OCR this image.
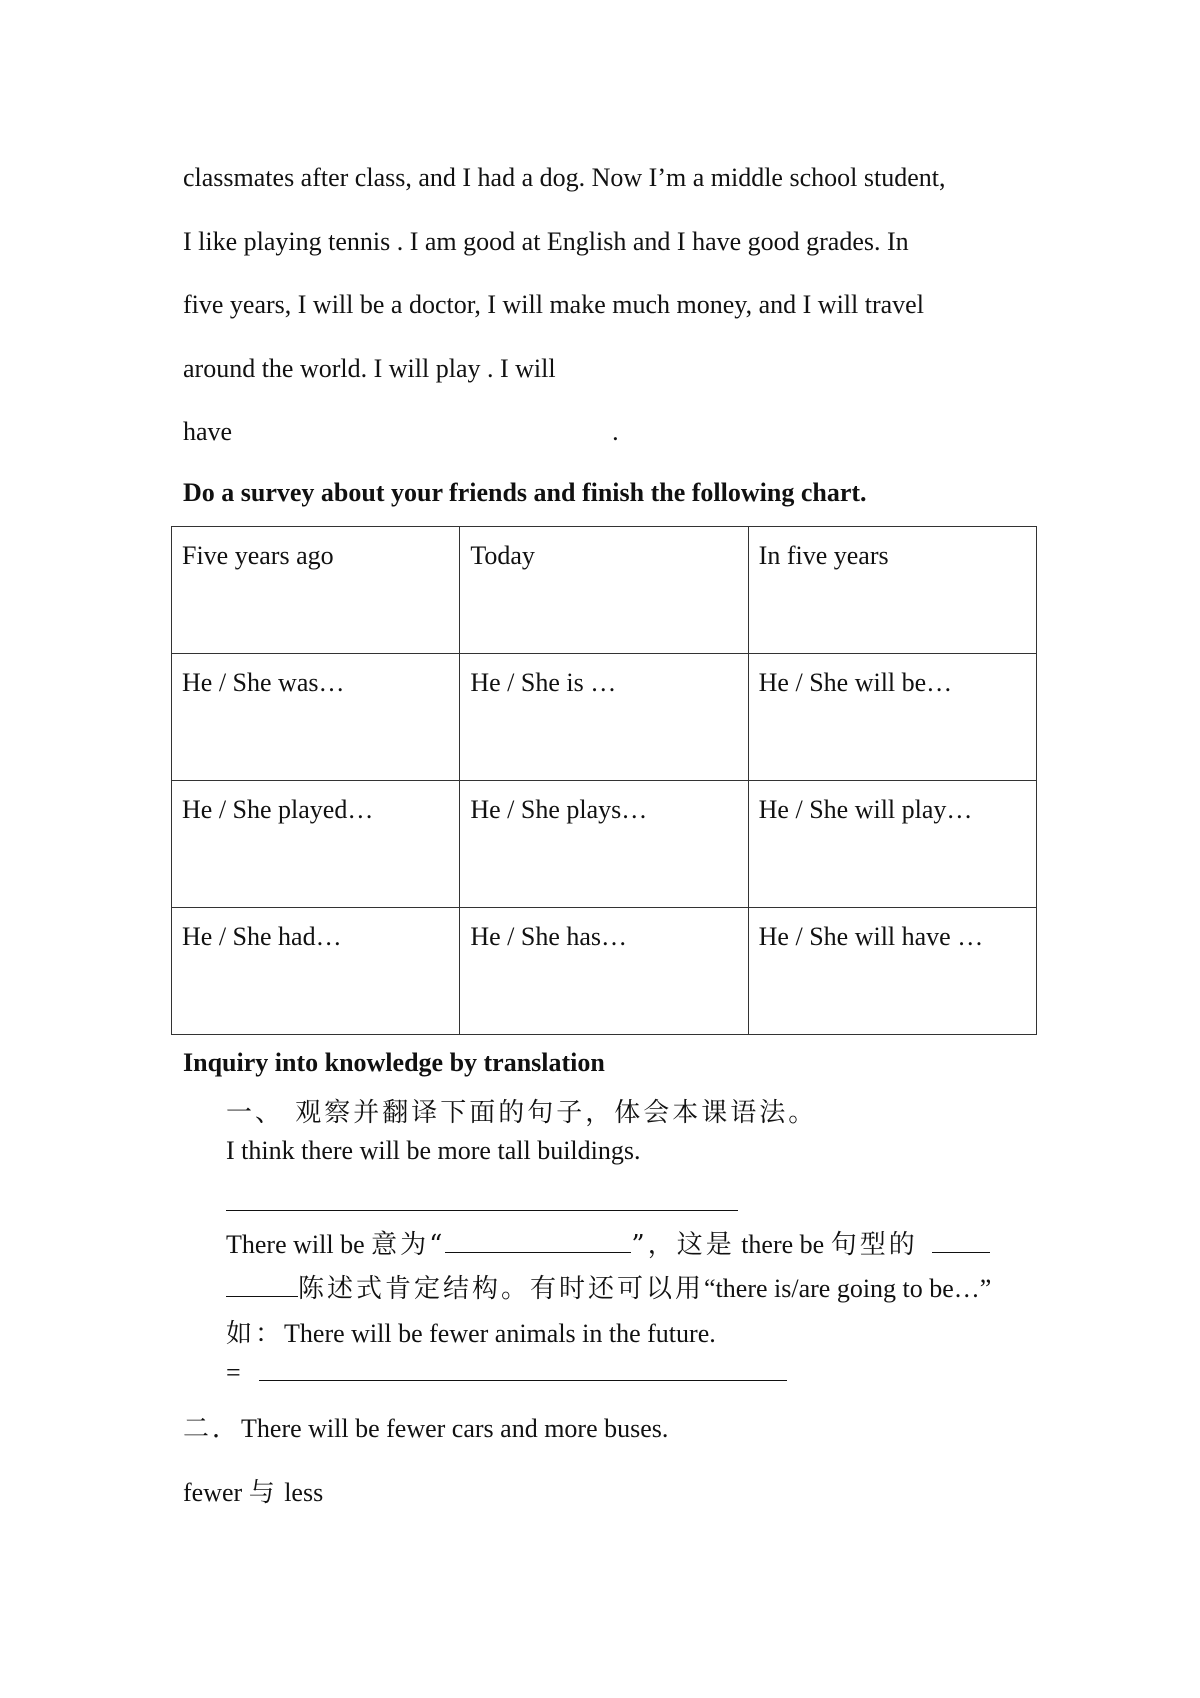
classmates after class, and I had a dog. Now I’m a middle school student,
I like playing tennis . I am good at English and I have good grades. In
five years, I will be a doctor, I will make much money, and I will travel
around the world. I will play . I will
have	.

Do a survey about your friends and finish the following chart.

Five years ago	Today	In five years
He / She was…	He / She is …	He / She will be…
He / She played…	He / She plays…	He / She will play…
He / She had…	He / She has…	He / She will have …

Inquiry into knowledge by translation

一、 观察并翻译下面的句子，体会本课语法。

I think there will be more tall buildings.

There will be 意为“	”，这是 there be 句型的

陈述式肯定结构。有时还可以用“there is/are going to be…”

如：There will be fewer animals in the future.

=

二．There will be fewer cars and more buses.

fewer 与 less
